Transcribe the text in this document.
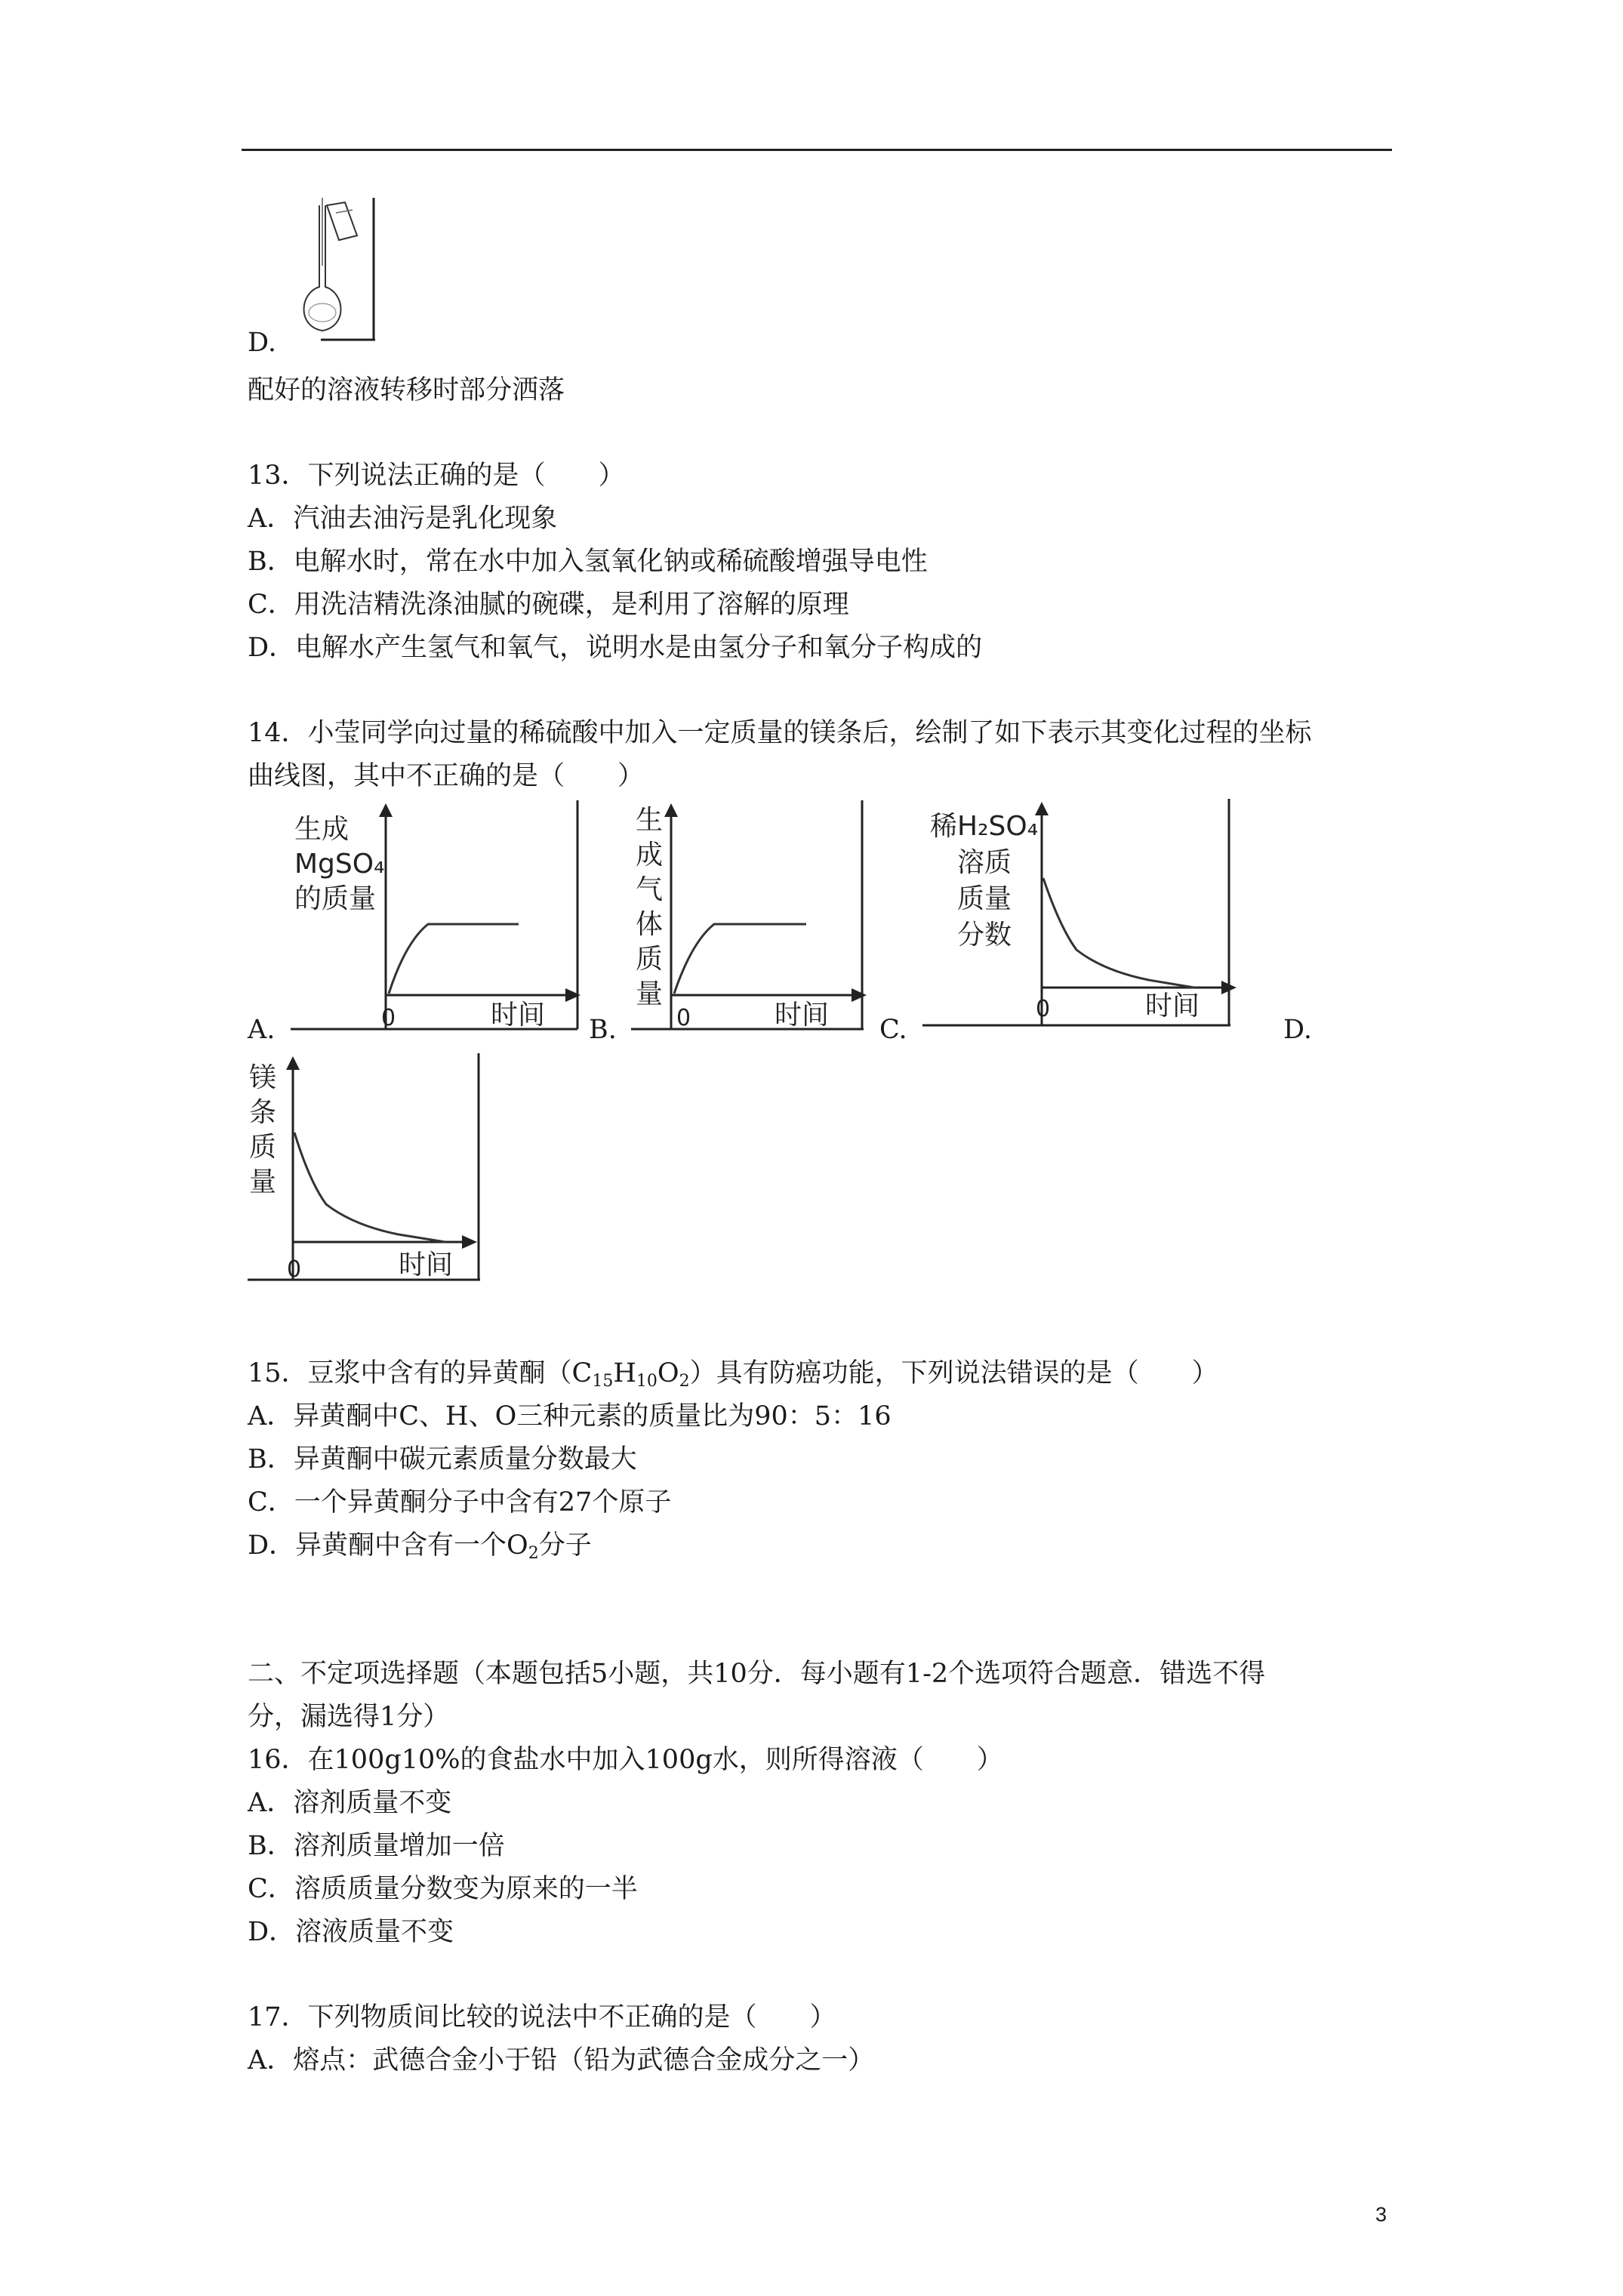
D.
配好的溶液转移时部分洒落
13．下列说法正确的是（　　）
A．汽油去油污是乳化现象
B．电解水时，常在水中加入氢氧化钠或稀硫酸增强导电性
C．用洗洁精洗涤油腻的碗碟，是利用了溶解的原理
D．电解水产生氢气和氧气，说明水是由氢分子和氧分子构成的
14．小莹同学向过量的稀硫酸中加入一定质量的镁条后，绘制了如下表示其变化过程的坐标
曲线图，其中不正确的是（　　）
生成
MgSO₄
的质量
0	时间
A.
生
成
气
体
质
量
0	时间
B.
稀H₂SO₄
溶质
质量
分数
0	时间
C.	D.
镁
条
质
量
0	时间
15．豆浆中含有的异黄酮$(C_{15}H_{10}O_2)$具有防癌功能，下列说法错误的是（　　）
A．异黄酮中C、H、O三种元素的质量比为90：5：16
B．异黄酮中碳元素质量分数最大
C．一个异黄酮分子中含有27个原子
D．异黄酮中含有一个$O_2$分子
二、不定项选择题（本题包括5小题，共10分．每小题有1-2个选项符合题意．错选不得
分，漏选得1分）
16．在100g10%的食盐水中加入100g水，则所得溶液（　　）
A．溶剂质量不变
B．溶剂质量增加一倍
C．溶质质量分数变为原来的一半
D．溶液质量不变
17．下列物质间比较的说法中不正确的是（　　）
A．熔点：武德合金小于铅（铅为武德合金成分之一）
3
